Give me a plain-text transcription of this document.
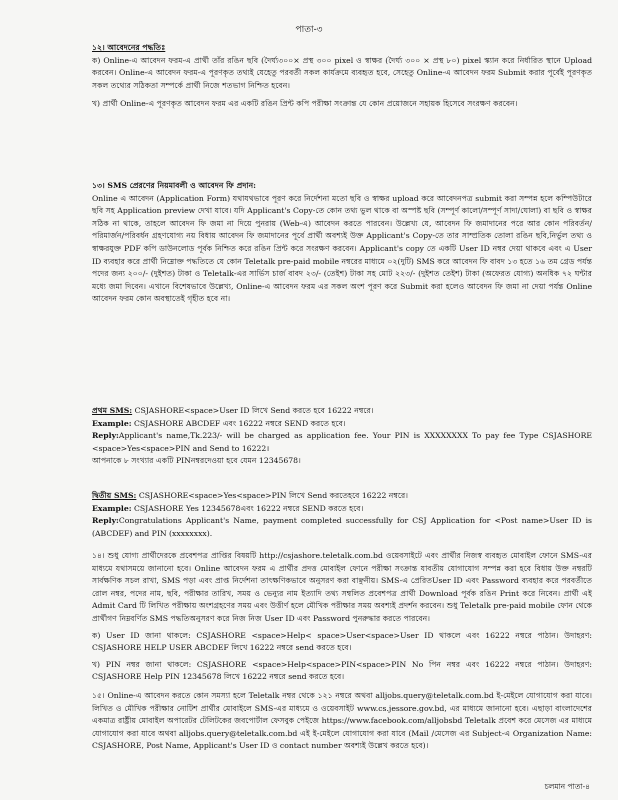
পাতা-৩

১২। আবেদনের পদ্ধতিঃ

ক) Online-এ আবেদন ফরম-এ প্রার্থী তাঁর রঙিন ছবি (দৈর্ঘ্য৩০০× প্রস্থ ৩০০ pixel ও স্বাক্ষর (দৈর্ঘ্য ৩০০ × প্রস্থ ৮০) pixel স্ক্যান করে নির্ধারিত স্থানে Upload করবেন। Online-এ আবেদন ফরম-এ পূরণকৃত তথ্যই যেহেতু পরবর্তী সকল কার্যক্রমে ব্যবহৃত হবে, সেহেতু Online-এ আবেদন ফরম Submit করার পূর্বেই পূরণকৃত সকল তথ্যের সঠিকতা সম্পর্কে প্রার্থী নিজে শতভাগ নিশ্চিত হবেন।

খ) প্রার্থী Online-এ পূরণকৃত আবেদন ফরম এর একটি রঙিন প্রিন্ট কপি পরীক্ষা সংক্রান্ত যে কোন প্রয়োজনে সহায়ক হিসেবে সংরক্ষণ করবেন।

১৩। SMS প্রেরণের নিয়মাবলী ও আবেদন ফি প্রদান:

Online এ আবেদন (Application Form) যথাযথভাবে পূরণ করে নির্দেশনা মতো ছবি ও স্বাক্ষর upload করে আবেদনপত্র submit করা সম্পন্ন হলে কম্পিউটারে ছবি সহ Application preview দেখা যাবে। যদি Applicant's Copy-তে কোন তথ্য ভুল থাকে বা অস্পষ্ট ছবি (সম্পূর্ণ কালো/সম্পূর্ণ সাদা/ঘোলা) বা ছবি ও স্বাক্ষর সঠিক না থাকে, তাহলে আবেদন ফি জমা না দিয়ে পুনরায় (Web-এ) আবেদন করতে পারবেন। উল্লেখ্য যে, আবেদন ফি জমাদানের পরে আর কোন পরিবর্তন/পরিমার্জন/পরিবর্ধন গ্রহণযোগ্য নয় বিধায় আবেদন ফি জমাদানের পূর্বে প্রার্থী অবশ্যই উক্ত Applicant's Copy-তে তার সাম্প্রতিক তোলা রঙিন ছবি,নির্ভুল তথ্য ও স্বাক্ষরযুক্ত PDF কপি ডাউনলোড পূর্বক নিশ্চিত করে রঙিন প্রিন্ট করে সংরক্ষণ করবেন। Applicant's copy তে একটি User ID নম্বর দেয়া থাকবে এবং এ User ID ব্যবহার করে প্রার্থী নিম্নোক্ত পদ্ধতিতে যে কোন Teletalk pre-paid mobile নম্বরের মাধ্যমে ০২(দুটি) SMS করে আবেদন ফি বাবদ ১৩ হতে ১৬ তম গ্রেড পর্যন্ত পদের জন্য ২০০/- (দুইশত) টাকা ও Teletalk-এর সার্ভিস চার্জ বাবদ ২৩/- (তেইশ) টাকা সহ মোট ২২৩/- (দুইশত তেইশ) টাকা (অফেরত যোগ্য) অনধিক ৭২ ঘন্টার মধ্যে জমা দিবেন। এখানে বিশেষভাবে উল্লেখ্য, Online-এ আবেদন ফরম এর সকল অংশ পূরণ করে Submit করা হলেও আবেদন ফি জমা না দেয়া পর্যন্ত Online আবেদন ফরম কোন অবস্থাতেই গৃহীত হবে না।

প্রথম SMS: CSJASHORE<space>User ID লিখে Send করতে হবে 16222 নম্বরে।

Example: CSJASHORE ABCDEF এবং 16222 নম্বরে SEND করতে হবে।

Reply:Applicant's name,Tk.223/- will be charged as application fee. Your PIN is XXXXXXXX To pay fee Type CSJASHORE <space>Yes<space>PIN and Send to 16222।

আপনাকে ৮ সংখ্যার একটি PINনম্বরদেওয়া হবে যেমন 12345678।

দ্বিতীয় SMS: CSJASHORE<space>Yes<space>PIN লিখে Send করতেহবে 16222 নম্বরে।

Example: CSJASHORE Yes 12345678এবং 16222 নম্বরে SEND করতে হবে।

Reply:Congratulations Applicant's Name, payment completed successfully for CSJ Application for <Post name>User ID is (ABCDEF) and PIN (xxxxxxxx).

১৪। শুধু যোগ্য প্রার্থীদেরকে প্রবেশপত্র প্রাপ্তির বিষয়টি http://csjashore.teletalk.com.bd ওয়েবসাইটে এবং প্রার্থীর নিজস্ব ব্যবহৃত মোবাইল ফোনে SMS-এর মাধ্যমে যথাসময়ে জানানো হবে। Online আবেদন ফরম এ প্রার্থীর প্রদত্ত মোবাইল ফোনে পরীক্ষা সংক্রান্ত যাবতীয় যোগাযোগ সম্পন্ন করা হবে বিধায় উক্ত নম্বরটি সার্বক্ষণিক সচল রাখা, SMS পড়া এবং প্রাপ্ত নির্দেশনা তাৎক্ষণিকভাবে অনুসরণ করা বাঞ্ছনীয়। SMS-এ প্রেরিতUser ID এবং Password ব্যবহার করে পরবর্তীতে রোল নম্বর, পদের নাম, ছবি, পরীক্ষার তারিখ, সময় ও ভেন্যুর নাম ইত্যাদি তথ্য সম্বলিত প্রবেশপত্র প্রার্থী Download পূর্বক রঙিন Print করে নিবেন। প্রার্থী এই Admit Card টি লিখিত পরীক্ষায় অংশগ্রহণের সময় এবং উত্তীর্ণ হলে মৌখিক পরীক্ষার সময় অবশ্যই প্রদর্শন করবেন। শুধু Teletalk pre-paid mobile ফোন থেকে প্রার্থীগণ নিম্নবর্ণিত SMS পদ্ধতিঅনুসরণ করে নিজ নিজ User ID এবং Password পুনরুদ্ধার করতে পারবেন।

ক) User ID জানা থাকলে: CSJASHORE <space>Help< space>User<space>User ID থাকলে এবং 16222 নম্বরে পাঠান। উদাহরণ: CSJASHORE HELP USER ABCDEF লিখে 16222 নম্বরে send করতে হবে।

খ) PIN নম্বর জানা থাকলে: CSJASHORE <space>Help<space>PIN<space>PIN No পিন নম্বর এবং 16222 নম্বরে পাঠান। উদাহরণ: CSJASHORE Help PIN 12345678 লিখে 16222 নম্বরে send করতে হবে।

১৫। Online-এ আবেদন করতে কোন সমস্যা হলে Teletalk নম্বর থেকে ১২১ নম্বরে অথবা alljobs.query@teletalk.com.bd ই-মেইলে যোগাযোগ করা যাবে। লিখিত ও মৌখিক পরীক্ষার নোটিশ প্রার্থীর মোবাইলে SMS-এর মাধ্যমে ও ওয়েবসাইট www.cs.jessore.gov.bd, এর মাধ্যমে জানানো হবে। এছাড়া বাংলাদেশের একমাত্র রাষ্ট্রীয় মোবাইল অপারেটর টেলিটকের জবপোর্টাল ফেসবুক পেইজে https://www.facebook.com/alljobsbd Teletalk প্রবেশ করে মেসেজ এর মাধ্যমে যোগাযোগ করা যাবে অথবা alljobs.query@teletalk.com.bd এই ই-মেইলে যোগাযোগ করা যাবে (Mail /মেসেজ এর Subject-এ Organization Name: CSJASHORE, Post Name, Applicant's User ID ও contact number অবশ্যই উল্লেখ করতে হবে)।

চলমান পাতা-৪
